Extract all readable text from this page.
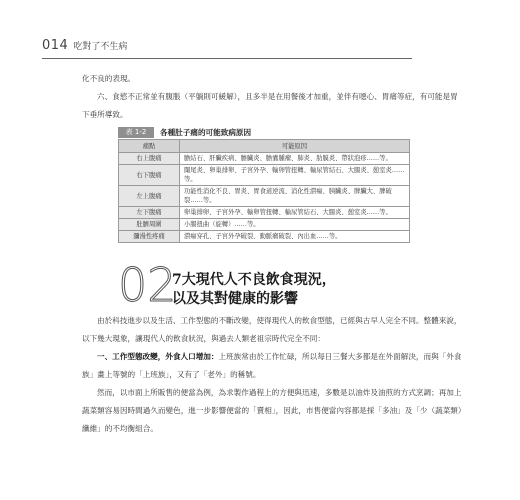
014 吃對了不生病

化不良的表現。

六、食慾不正常並有腹脹（平躺則可緩解），且多半是在用餐後才加重，並伴有噁心、胃痛等症，有可能是胃下垂所導致。

表 1-2	各種肚子痛的可能致病原因
痛點	可能原因
右上腹痛	膽結石、肝臟疾病、膽臟炎、膽囊腫瘤、肺炎、肋膜炎、帶狀泡疹……等。
右下腹痛	闌尾炎、卵巢排卵、子宮外孕、輸卵管扭轉、輸尿管結石、大腸炎、憩室炎……等。
左上腹痛	功能性消化不良、胃炎、胃食道逆流、消化性潰瘍、胰臟炎、脾臟大、脾破裂……等。
左下腹痛	卵巢排卵、子宮外孕、輸卵管扭轉、輸尿管結石、大腸炎、憩室炎……等。
肚臍周圍	小腸扭曲（旋轉）……等。
瀰漫性疼痛	潰瘍穿孔、子宮外孕破裂、動脈瘤破裂、內出血……等。
02
7大現代人不良飲食現況，
以及其對健康的影響

由於科技進步以及生活、工作型態的不斷改變，使得現代人的飲食型態，已經與古早人完全不同。整體來說，以下幾大現象，讓現代人的飲食狀況，與過去人類老祖宗時代完全不同：

一、工作型態改變，外食人口增加：上班族常由於工作忙碌，所以每日三餐大多都是在外面解決，而與「外食族」畫上等號的「上班族」，又有了「老外」的稱號。

然而，以市面上所販售的便當為例，為求製作過程上的方便與迅速，多數是以油炸及油煎的方式烹調；再加上蔬菜類容易因時間過久而變色，進一步影響便當的「賣相」，因此，市售便當內容都是採「多油」及「少（蔬菜類）纖維」的不均衡組合。
